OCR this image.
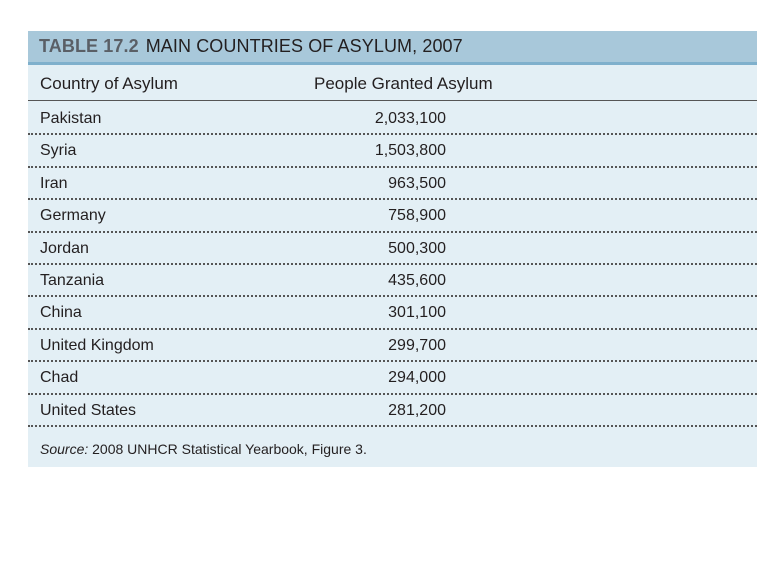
TABLE 17.2 MAIN COUNTRIES OF ASYLUM, 2007
Country of Asylum	People Granted Asylum
Pakistan	2,033,100
Syria	1,503,800
Iran	963,500
Germany	758,900
Jordan	500,300
Tanzania	435,600
China	301,100
United Kingdom	299,700
Chad	294,000
United States	281,200
Source: 2008 UNHCR Statistical Yearbook, Figure 3.
